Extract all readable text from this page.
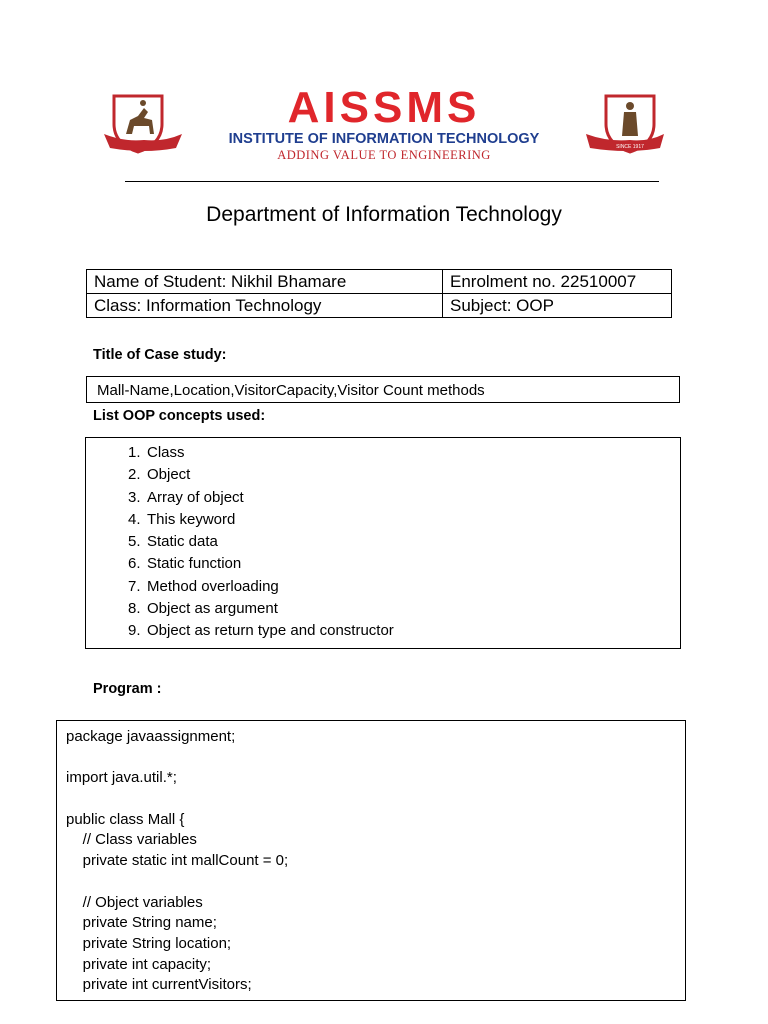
AISSMS
INSTITUTE OF INFORMATION TECHNOLOGY
ADDING VALUE TO ENGINEERING
SINCE 1917
Department of Information Technology
Name of Student: Nikhil Bhamare	Enrolment no. 22510007
Class: Information Technology	Subject: OOP
Title of Case study:
Mall-Name,Location,VisitorCapacity,Visitor Count methods
List OOP concepts used:
1. Class
2. Object
3. Array of object
4. This keyword
5. Static data
6. Static function
7. Method overloading
8. Object as argument
9. Object as return type and constructor
Program :
package javaassignment;
import java.util.*;
public class Mall {
// Class variables
private static int mallCount = 0;
// Object variables
private String name;
private String location;
private int capacity;
private int currentVisitors;
